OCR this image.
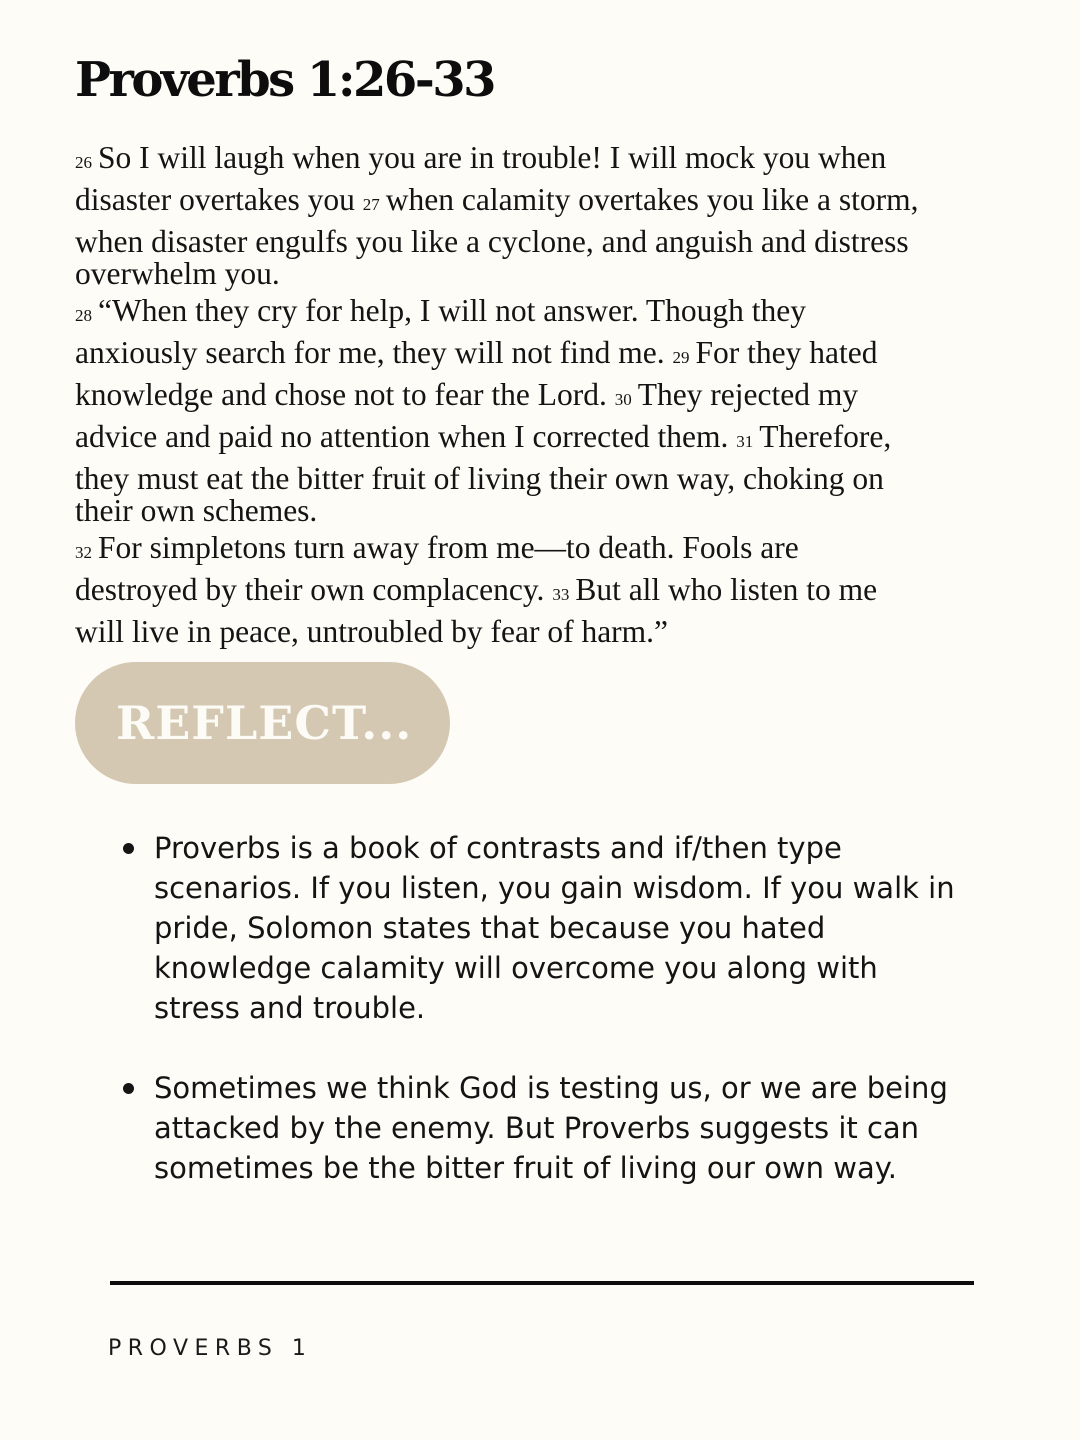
Proverbs 1:26-33
26 So I will laugh when you are in trouble! I will mock you when
disaster overtakes you 27 when calamity overtakes you like a storm,
when disaster engulfs you like a cyclone, and anguish and distress
overwhelm you.
28 “When they cry for help, I will not answer. Though they
anxiously search for me, they will not find me. 29 For they hated
knowledge and chose not to fear the Lord. 30 They rejected my
advice and paid no attention when I corrected them. 31 Therefore,
they must eat the bitter fruit of living their own way, choking on
their own schemes.
32 For simpletons turn away from me—to death. Fools are
destroyed by their own complacency. 33 But all who listen to me
will live in peace, untroubled by fear of harm.”
REFLECT...
Proverbs is a book of contrasts and if/then type
scenarios. If you listen, you gain wisdom. If you walk in
pride, Solomon states that because you hated
knowledge calamity will overcome you along with
stress and trouble.
Sometimes we think God is testing us, or we are being
attacked by the enemy. But Proverbs suggests it can
sometimes be the bitter fruit of living our own way.
PROVERBS 1
